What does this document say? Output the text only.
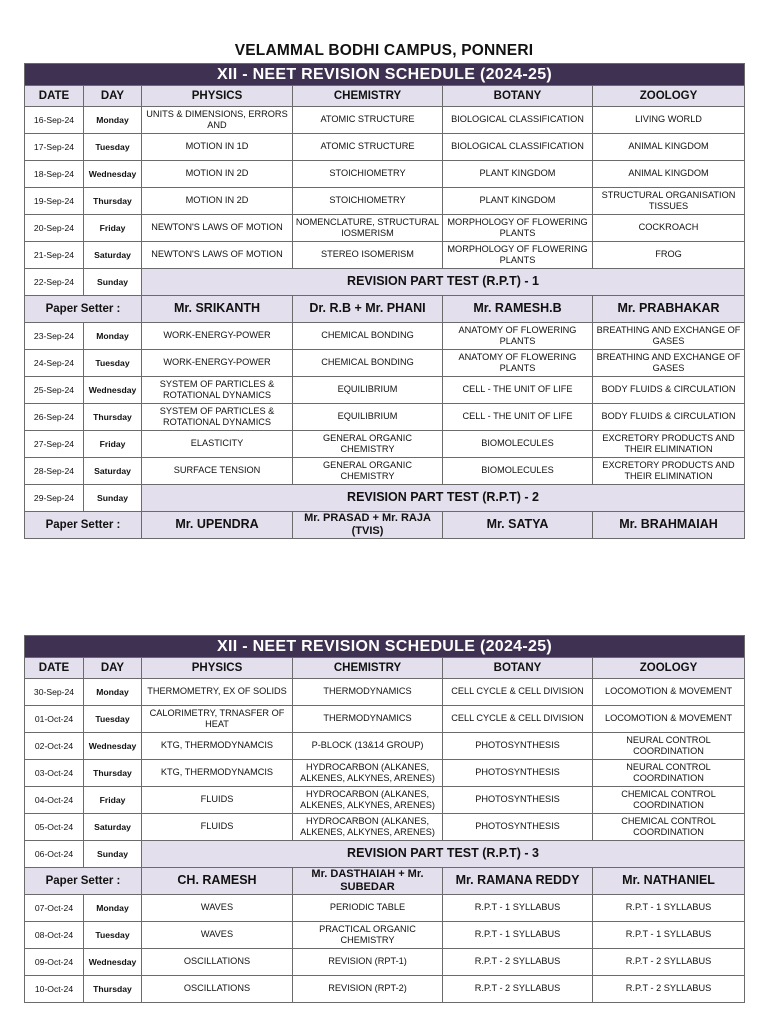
VELAMMAL BODHI CAMPUS, PONNERI
XII - NEET REVISION SCHEDULE (2024-25)					
DATE	DAY	PHYSICS	CHEMISTRY	BOTANY	ZOOLOGY
16-Sep-24	Monday	UNITS & DIMENSIONS, ERRORS AND	ATOMIC STRUCTURE	BIOLOGICAL CLASSIFICATION	LIVING WORLD
17-Sep-24	Tuesday	MOTION IN 1D	ATOMIC STRUCTURE	BIOLOGICAL CLASSIFICATION	ANIMAL KINGDOM
18-Sep-24	Wednesday	MOTION IN 2D	STOICHIOMETRY	PLANT KINGDOM	ANIMAL KINGDOM
19-Sep-24	Thursday	MOTION IN 2D	STOICHIOMETRY	PLANT KINGDOM	STRUCTURAL ORGANISATION TISSUES
20-Sep-24	Friday	NEWTON'S LAWS OF MOTION	NOMENCLATURE, STRUCTURAL IOSMERISM	MORPHOLOGY OF FLOWERING PLANTS	COCKROACH
21-Sep-24	Saturday	NEWTON'S LAWS OF MOTION	STEREO ISOMERISM	MORPHOLOGY OF FLOWERING PLANTS	FROG
22-Sep-24	Sunday	REVISION PART TEST (R.P.T) - 1			
Paper Setter :		Mr. SRIKANTH	Dr. R.B + Mr. PHANI	Mr. RAMESH.B	Mr. PRABHAKAR
23-Sep-24	Monday	WORK-ENERGY-POWER	CHEMICAL BONDING	ANATOMY OF FLOWERING PLANTS	BREATHING AND EXCHANGE OF GASES
24-Sep-24	Tuesday	WORK-ENERGY-POWER	CHEMICAL BONDING	ANATOMY OF FLOWERING PLANTS	BREATHING AND EXCHANGE OF GASES
25-Sep-24	Wednesday	SYSTEM OF PARTICLES & ROTATIONAL DYNAMICS	EQUILIBRIUM	CELL - THE UNIT OF LIFE	BODY FLUIDS & CIRCULATION
26-Sep-24	Thursday	SYSTEM OF PARTICLES & ROTATIONAL DYNAMICS	EQUILIBRIUM	CELL - THE UNIT OF LIFE	BODY FLUIDS & CIRCULATION
27-Sep-24	Friday	ELASTICITY	GENERAL ORGANIC CHEMISTRY	BIOMOLECULES	EXCRETORY PRODUCTS AND THEIR ELIMINATION
28-Sep-24	Saturday	SURFACE TENSION	GENERAL ORGANIC CHEMISTRY	BIOMOLECULES	EXCRETORY PRODUCTS AND THEIR ELIMINATION
29-Sep-24	Sunday	REVISION PART TEST (R.P.T) - 2			
Paper Setter :		Mr. UPENDRA	Mr. PRASAD + Mr. RAJA (TVIS)	Mr. SATYA	Mr. BRAHMAIAH
XII - NEET REVISION SCHEDULE (2024-25)					
DATE	DAY	PHYSICS	CHEMISTRY	BOTANY	ZOOLOGY
30-Sep-24	Monday	THERMOMETRY, EX OF SOLIDS	THERMODYNAMICS	CELL CYCLE & CELL DIVISION	LOCOMOTION & MOVEMENT
01-Oct-24	Tuesday	CALORIMETRY, TRNASFER OF HEAT	THERMODYNAMICS	CELL CYCLE & CELL DIVISION	LOCOMOTION & MOVEMENT
02-Oct-24	Wednesday	KTG, THERMODYNAMCIS	P-BLOCK (13&14 GROUP)	PHOTOSYNTHESIS	NEURAL CONTROL COORDINATION
03-Oct-24	Thursday	KTG, THERMODYNAMCIS	HYDROCARBON (ALKANES, ALKENES, ALKYNES, ARENES)	PHOTOSYNTHESIS	NEURAL CONTROL COORDINATION
04-Oct-24	Friday	FLUIDS	HYDROCARBON (ALKANES, ALKENES, ALKYNES, ARENES)	PHOTOSYNTHESIS	CHEMICAL CONTROL COORDINATION
05-Oct-24	Saturday	FLUIDS	HYDROCARBON (ALKANES, ALKENES, ALKYNES, ARENES)	PHOTOSYNTHESIS	CHEMICAL CONTROL COORDINATION
06-Oct-24	Sunday	REVISION PART TEST (R.P.T) - 3			
Paper Setter :		CH. RAMESH	Mr. DASTHAIAH + Mr. SUBEDAR	Mr. RAMANA REDDY	Mr. NATHANIEL
07-Oct-24	Monday	WAVES	PERIODIC TABLE	R.P.T - 1 SYLLABUS	R.P.T - 1 SYLLABUS
08-Oct-24	Tuesday	WAVES	PRACTICAL ORGANIC CHEMISTRY	R.P.T - 1 SYLLABUS	R.P.T - 1 SYLLABUS
09-Oct-24	Wednesday	OSCILLATIONS	REVISION (RPT-1)	R.P.T - 2 SYLLABUS	R.P.T - 2 SYLLABUS
10-Oct-24	Thursday	OSCILLATIONS	REVISION (RPT-2)	R.P.T - 2 SYLLABUS	R.P.T - 2 SYLLABUS
